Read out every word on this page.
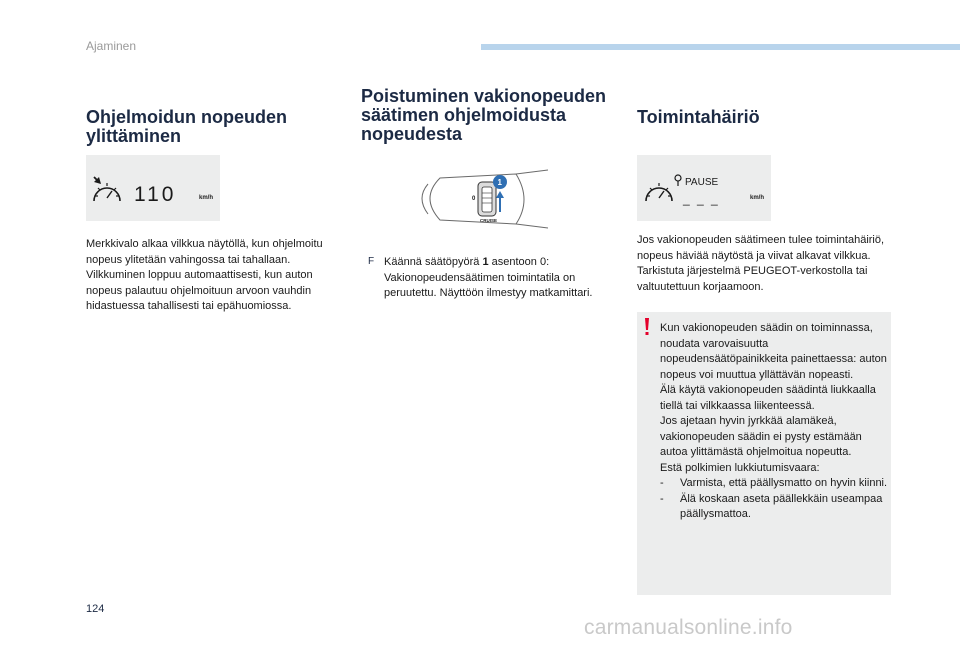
Ajaminen
Ohjelmoidun nopeuden ylittäminen
110	km/h
Merkkivalo alkaa vilkkua näytöllä, kun ohjelmoitu nopeus ylitetään vahingossa tai tahallaan.
Vilkkuminen loppuu automaattisesti, kun auton nopeus palautuu ohjelmoituun arvoon vauhdin hidastuessa tahallisesti tai epähuomiossa.
Poistuminen vakionopeuden säätimen ohjelmoidusta nopeudesta
0
CRUISE
1
F Käännä säätöpyörä 1 asentoon 0: Vakionopeudensäätimen toimintatila on peruutettu. Näyttöön ilmestyy matkamittari.
Toimintahäiriö
PAUSE
_ _ _	km/h
Jos vakionopeuden säätimeen tulee toimintahäiriö, nopeus häviää näytöstä ja viivat alkavat vilkkua. Tarkistuta järjestelmä PEUGEOT-verkostolla tai valtuutettuun korjaamoon.
Kun vakionopeuden säädin on toiminnassa, noudata varovaisuutta nopeudensäätöpainikkeita painettaessa: auton nopeus voi muuttua yllättävän nopeasti.
Älä käytä vakionopeuden säädintä liukkaalla tiellä tai vilkkaassa liikenteessä.
Jos ajetaan hyvin jyrkkää alamäkeä, vakionopeuden säädin ei pysty estämään autoa ylittämästä ohjelmoitua nopeutta.
Estä polkimien lukkiutumisvaara:
-	Varmista, että päällysmatto on hyvin kiinni.
-	Älä koskaan aseta päällekkäin useampaa päällysmattoa.
124
carmanualsonline.info
